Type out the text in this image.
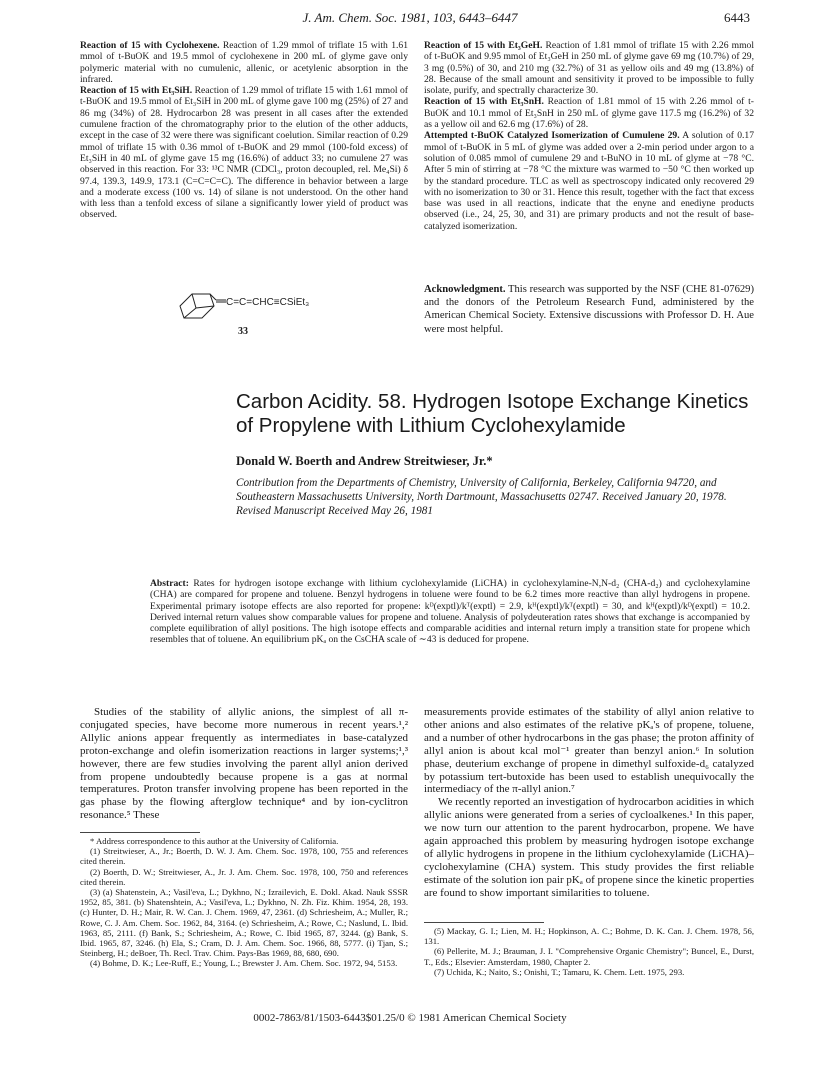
J. Am. Chem. Soc. 1981, 103, 6443–6447	6443

Reaction of 15 with Cyclohexene. Reaction of 1.29 mmol of triflate 15 with 1.61 mmol of t-BuOK and 19.5 mmol of cyclohexene in 200 mL of glyme gave only polymeric material with no cumulenic, allenic, or acetylenic absorption in the infrared.

Reaction of 15 with Et₃SiH. Reaction of 1.29 mmol of triflate 15 with 1.61 mmol of t-BuOK and 19.5 mmol of Et₃SiH in 200 mL of glyme gave 100 mg (25%) of 27 and 86 mg (34%) of 28. Hydrocarbon 28 was present in all cases after the extended cumulene fraction of the chromatography prior to the elution of the other adducts, except in the case of 32 were there was significant coelution. Similar reaction of 0.29 mmol of triflate 15 with 0.36 mmol of t-BuOK and 29 mmol (100-fold excess) of Et₃SiH in 40 mL of glyme gave 15 mg (16.6%) of adduct 33; no cumulene 27 was observed in this reaction. For 33: ¹³C NMR (CDCl₃, proton decoupled, rel. Me₄Si) δ 97.4, 139.3, 149.9, 173.1 (C=C=C=C). The difference in behavior between a large and a moderate excess (100 vs. 14) of silane is not understood. On the other hand with less than a tenfold excess of silane a significantly lower yield of product was observed.

C=C=CHC≡CSiEt₃
33

Reaction of 15 with Et₃GeH. Reaction of 1.81 mmol of triflate 15 with 2.26 mmol of t-BuOK and 9.95 mmol of Et₃GeH in 250 mL of glyme gave 69 mg (10.7%) of 29, 3 mg (0.5%) of 30, and 210 mg (32.7%) of 31 as yellow oils and 49 mg (13.8%) of 28. Because of the small amount and sensitivity it proved to be impossible to fully isolate, purify, and spectrally characterize 30.

Reaction of 15 with Et₃SnH. Reaction of 1.81 mmol of 15 with 2.26 mmol of t-BuOK and 10.1 mmol of Et₃SnH in 250 mL of glyme gave 117.5 mg (16.2%) of 32 as a yellow oil and 62.6 mg (17.6%) of 28.

Attempted t-BuOK Catalyzed Isomerization of Cumulene 29. A solution of 0.17 mmol of t-BuOK in 5 mL of glyme was added over a 2-min period under argon to a solution of 0.085 mmol of cumulene 29 and t-BuNO in 10 mL of glyme at −78 °C. After 5 min of stirring at −78 °C the mixture was warmed to −50 °C then worked up by the standard procedure. TLC as well as spectroscopy indicated only recovered 29 with no isomerization to 30 or 31. Hence this result, together with the fact that excess base was used in all reactions, indicate that the enyne and enediyne products observed (i.e., 24, 25, 30, and 31) are primary products and not the result of base-catalyzed isomerization.

Acknowledgment. This research was supported by the NSF (CHE 81-07629) and the donors of the Petroleum Research Fund, administered by the American Chemical Society. Extensive discussions with Professor D. H. Aue were most helpful.
Carbon Acidity. 58. Hydrogen Isotope Exchange Kinetics of Propylene with Lithium Cyclohexylamide
Donald W. Boerth and Andrew Streitwieser, Jr.*
Contribution from the Departments of Chemistry, University of California, Berkeley, California 94720, and Southeastern Massachusetts University, North Dartmount, Massachusetts 02747. Received January 20, 1978. Revised Manuscript Received May 26, 1981
Abstract: Rates for hydrogen isotope exchange with lithium cyclohexylamide (LiCHA) in cyclohexylamine-N,N-d₂ (CHA-d₂) and cyclohexylamine (CHA) are compared for propene and toluene. Benzyl hydrogens in toluene were found to be 6.2 times more reactive than allyl hydrogens in propene. Experimental primary isotope effects are also reported for propene: kᴰ(exptl)/kᵀ(exptl) = 2.9, kᴴ(exptl)/kᵀ(exptl) = 30, and kᴴ(exptl)/kᴰ(exptl) = 10.2. Derived internal return values show comparable values for propene and toluene. Analysis of polydeuteration rates shows that exchange is accompanied by complete equilibration of allyl positions. The high isotope effects and comparable acidities and internal return imply a transition state for propene which resembles that of toluene. An equilibrium pKₐ on the CsCHA scale of ∼43 is deduced for propene.

Studies of the stability of allylic anions, the simplest of all π-conjugated species, have become more numerous in recent years.¹,² Allylic anions appear frequently as intermediates in base-catalyzed proton-exchange and olefin isomerization reactions in larger systems;¹,³ however, there are few studies involving the parent allyl anion derived from propene undoubtedly because propene is a gas at normal temperatures. Proton transfer involving propene has been reported in the gas phase by the flowing afterglow technique⁴ and by ion-cyclitron resonance.⁵ These

measurements provide estimates of the stability of allyl anion relative to other anions and also estimates of the relative pKₐ's of propene, toluene, and a number of other hydrocarbons in the gas phase; the proton affinity of allyl anion is about kcal mol⁻¹ greater than benzyl anion.⁶ In solution phase, deuterium exchange of propene in dimethyl sulfoxide-d₆ catalyzed by potassium tert-butoxide has been used to establish unequivocally the intermediacy of the π-allyl anion.⁷

We recently reported an investigation of hydrocarbon acidities in which allylic anions were generated from a series of cycloalkenes.¹ In this paper, we now turn our attention to the parent hydrocarbon, propene. We have again approached this problem by measuring hydrogen isotope exchange of allylic hydrogens in propene in the lithium cyclohexylamide (LiCHA)–cyclohexylamine (CHA) system. This study provides the first reliable estimate of the solution ion pair pKₐ of propene since the kinetic properties are found to show important similarities to toluene.

* Address correspondence to this author at the University of California.

(1) Streitwieser, A., Jr.; Boerth, D. W. J. Am. Chem. Soc. 1978, 100, 755 and references cited therein.

(2) Boerth, D. W.; Streitwieser, A., Jr. J. Am. Chem. Soc. 1978, 100, 750 and references cited therein.

(3) (a) Shatenstein, A.; Vasil'eva, L.; Dykhno, N.; Izrailevich, E. Dokl. Akad. Nauk SSSR 1952, 85, 381. (b) Shatenshtein, A.; Vasil'eva, L.; Dykhno, N. Zh. Fiz. Khim. 1954, 28, 193. (c) Hunter, D. H.; Mair, R. W. Can. J. Chem. 1969, 47, 2361. (d) Schriesheim, A.; Muller, R.; Rowe, C. J. Am. Chem. Soc. 1962, 84, 3164. (e) Schriesheim, A.; Rowe, C.; Naslund, L. Ibid. 1963, 85, 2111. (f) Bank, S.; Schriesheim, A.; Rowe, C. Ibid 1965, 87, 3244. (g) Bank, S. Ibid. 1965, 87, 3246. (h) Ela, S.; Cram, D. J. Am. Chem. Soc. 1966, 88, 5777. (i) Tjan, S.; Steinberg, H.; deBoer, Th. Recl. Trav. Chim. Pays-Bas 1969, 88, 680, 690.

(4) Bohme, D. K.; Lee-Ruff, E.; Young, L.; Brewster J. Am. Chem. Soc. 1972, 94, 5153.

(5) Mackay, G. I.; Lien, M. H.; Hopkinson, A. C.; Bohme, D. K. Can. J. Chem. 1978, 56, 131.

(6) Pellerite, M. J.; Brauman, J. I. "Comprehensive Organic Chemistry"; Buncel, E., Durst, T., Eds.; Elsevier: Amsterdam, 1980, Chapter 2.

(7) Uchida, K.; Naito, S.; Onishi, T.; Tamaru, K. Chem. Lett. 1975, 293.

0002-7863/81/1503-6443$01.25/0 © 1981 American Chemical Society
